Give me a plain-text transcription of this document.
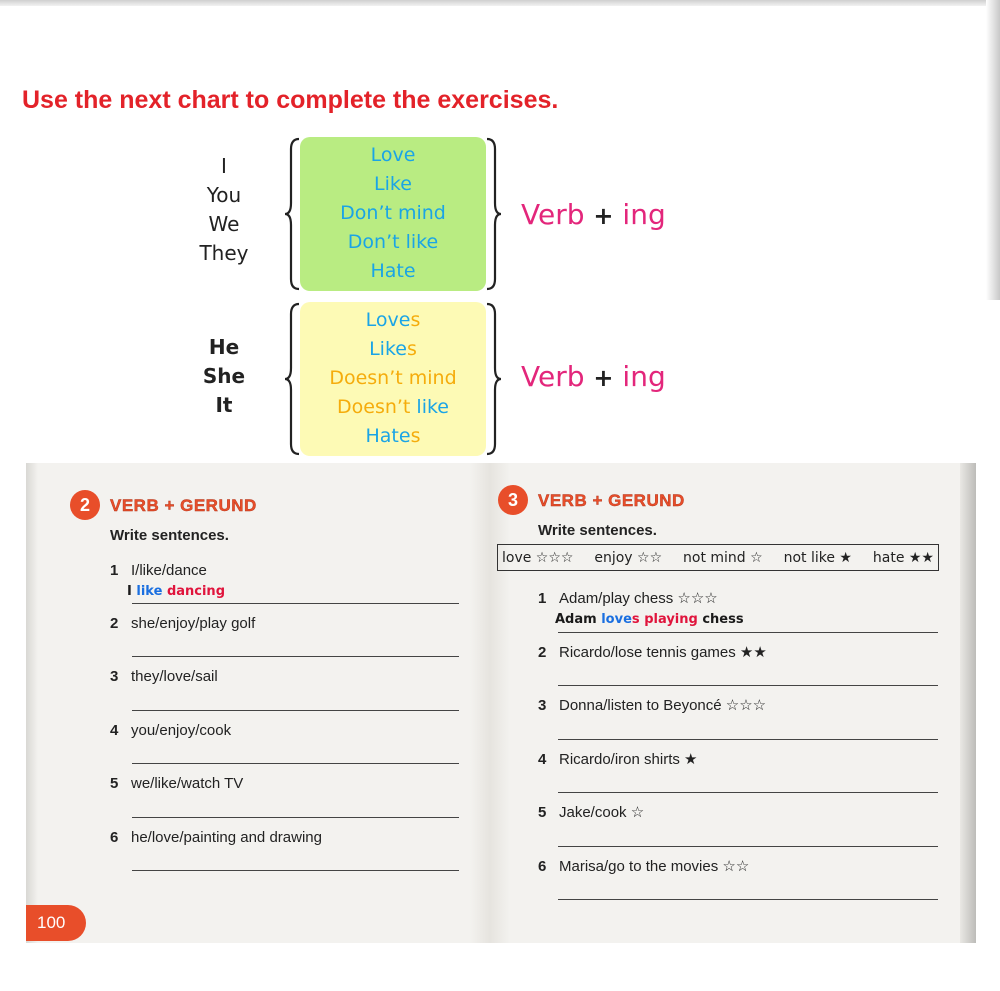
Use the next chart to complete the exercises.
I
You
We
They
Love
Like
Don’t mind
Don’t like
Hate
Verb + ing
He
She
It
Loves
Likes
Doesn’t mind
Doesn’t like
Hates
Verb + ing
2	VERB + GERUND
Write sentences.
1 I/like/dance
I like dancing
2 she/enjoy/play golf
3 they/love/sail
4 you/enjoy/cook
5 we/like/watch TV
6 he/love/painting and drawing
3	VERB + GERUND
Write sentences.
love ☆☆☆ enjoy ☆☆ not mind ☆ not like ★ hate ★★
1 Adam/play chess ☆☆☆
Adam loves playing chess
2 Ricardo/lose tennis games ★★
3 Donna/listen to Beyoncé ☆☆☆
4 Ricardo/iron shirts ★
5 Jake/cook ☆
6 Marisa/go to the movies ☆☆
100
